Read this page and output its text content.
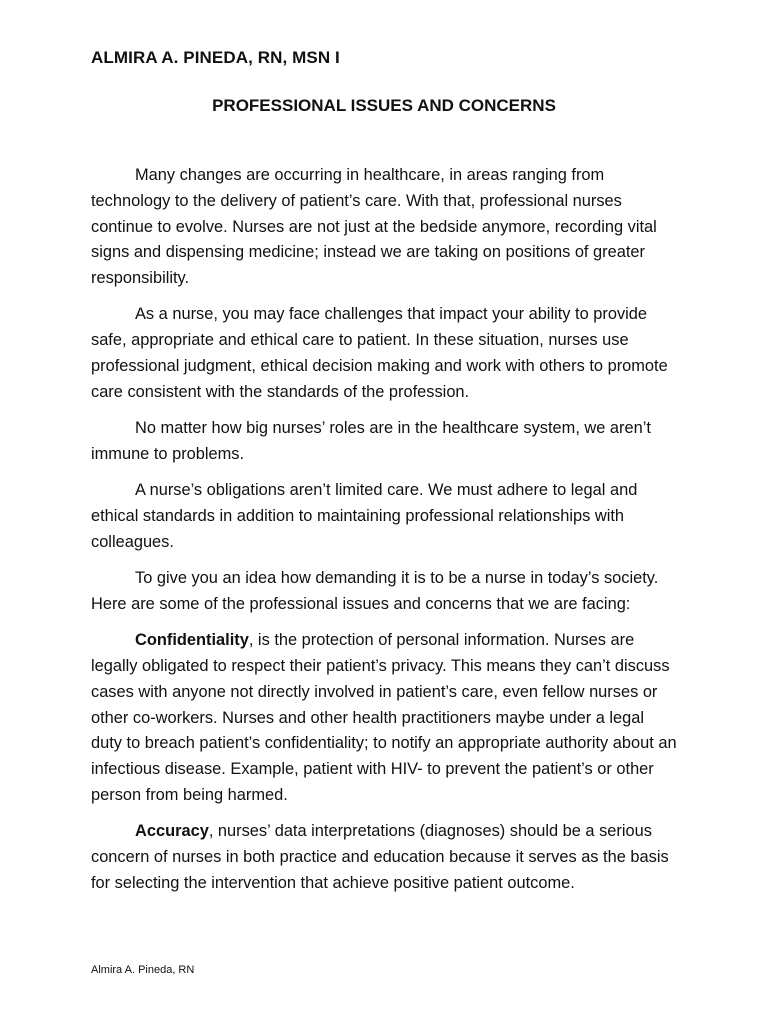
ALMIRA A. PINEDA, RN, MSN I
PROFESSIONAL ISSUES AND CONCERNS

Many changes are occurring in healthcare, in areas ranging from technology to the delivery of patient’s care. With that, professional nurses continue to evolve. Nurses are not just at the bedside anymore, recording vital signs and dispensing medicine; instead we are taking on positions of greater responsibility.

As a nurse, you may face challenges that impact your ability to provide safe, appropriate and ethical care to patient. In these situation, nurses use professional judgment, ethical decision making and work with others to promote care consistent with the standards of the profession.

No matter how big nurses’ roles are in the healthcare system, we aren’t immune to problems.

A nurse’s obligations aren’t limited care. We must adhere to legal and ethical standards in addition to maintaining professional relationships with colleagues.

To give you an idea how demanding it is to be a nurse in today’s society. Here are some of the professional issues and concerns that we are facing:

Confidentiality, is the protection of personal information. Nurses are legally obligated to respect their patient’s privacy. This means they can’t discuss cases with anyone not directly involved in patient’s care, even fellow nurses or other co-workers. Nurses and other health practitioners maybe under a legal duty to breach patient’s confidentiality; to notify an appropriate authority about an infectious disease. Example, patient with HIV- to prevent the patient’s or other person from being harmed.

Accuracy, nurses’ data interpretations (diagnoses) should be a serious concern of nurses in both practice and education because it serves as the basis for selecting the intervention that achieve positive patient outcome.

Almira A. Pineda, RN
